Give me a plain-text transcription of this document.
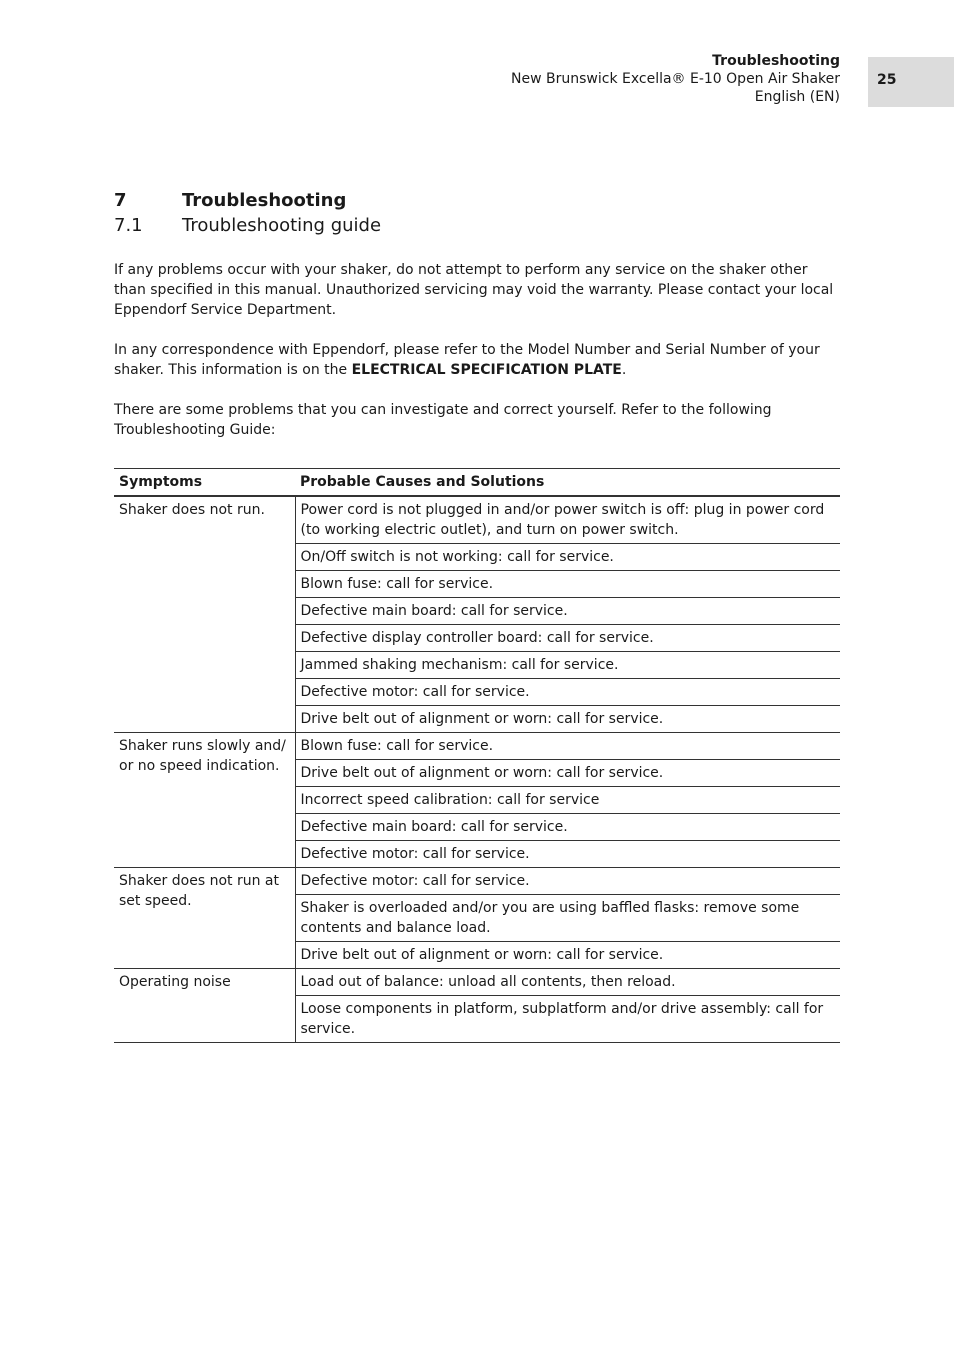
Troubleshooting
New Brunswick Excella® E-10 Open Air Shaker
English (EN)
25
7	Troubleshooting
7.1 Troubleshooting guide

If any problems occur with your shaker, do not attempt to perform any service on the shaker other than specified in this manual. Unauthorized servicing may void the warranty. Please contact your local Eppendorf Service Department.

In any correspondence with Eppendorf, please refer to the Model Number and Serial Number of your shaker. This information is on the ELECTRICAL SPECIFICATION PLATE.

There are some problems that you can investigate and correct yourself. Refer to the following Troubleshooting Guide:

Symptoms	Probable Causes and Solutions
Shaker does not run.	Power cord is not plugged in and/or power switch is off: plug in power cord (to working electric outlet), and turn on power switch.
	On/Off switch is not working: call for service.
	Blown fuse: call for service.
	Defective main board: call for service.
	Defective display controller board: call for service.
	Jammed shaking mechanism: call for service.
	Defective motor: call for service.
	Drive belt out of alignment or worn: call for service.
Shaker runs slowly and/ or no speed indication.	Blown fuse: call for service.
	Drive belt out of alignment or worn: call for service.
	Incorrect speed calibration: call for service
	Defective main board: call for service.
	Defective motor: call for service.
Shaker does not run at set speed.	Defective motor: call for service.
	Shaker is overloaded and/or you are using baffled flasks: remove some contents and balance load.
	Drive belt out of alignment or worn: call for service.
Operating noise	Load out of balance: unload all contents, then reload.
	Loose components in platform, subplatform and/or drive assembly: call for service.
